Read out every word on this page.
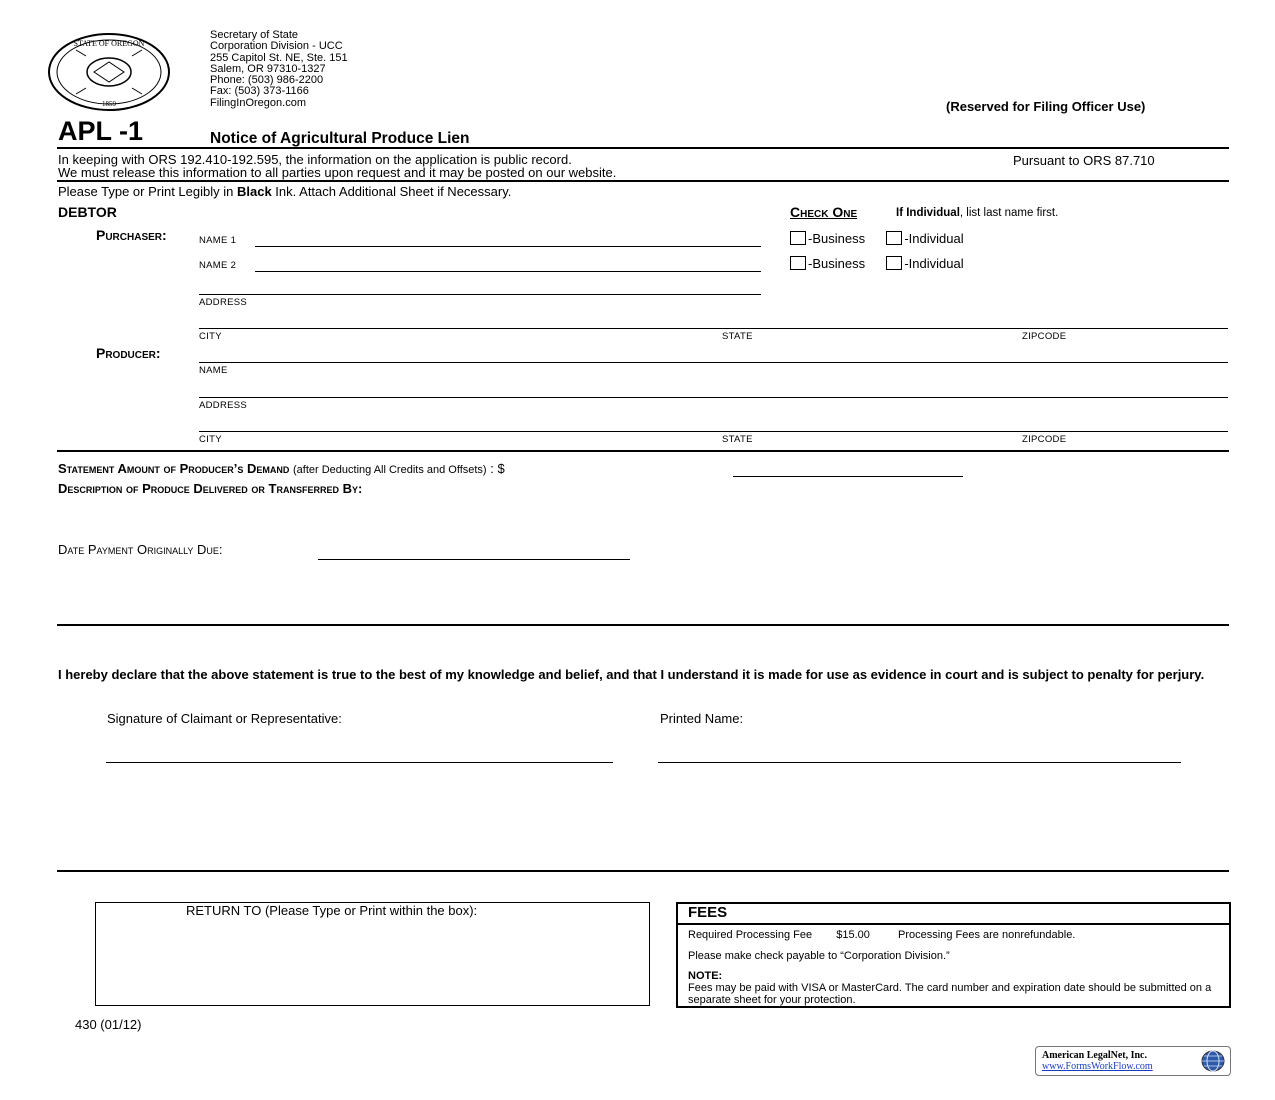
STATE OF OREGON
1859
Secretary of State
Corporation Division - UCC
255 Capitol St. NE, Ste. 151
Salem, OR 97310-1327
Phone: (503) 986-2200
Fax: (503) 373-1166
FilingInOregon.com	(Reserved for Filing Officer Use)
APL -1	Notice of Agricultural Produce Lien
In keeping with ORS 192.410-192.595, the information on the application is public record.
We must release this information to all parties upon request and it may be posted on our website.
Pursuant to ORS 87.710
Please Type or Print Legibly in Black Ink. Attach Additional Sheet if Necessary.
DEBTOR	Check One	If Individual, list last name first.
Purchaser:	NAME 1
NAME 2
-Business	-Individual
-Business	-Individual
ADDRESS
CITY	STATE	ZIPCODE
Producer:
NAME
ADDRESS
CITY	STATE	ZIPCODE
Statement Amount of Producer’s Demand (after Deducting All Credits and Offsets) : $
Description of Produce Delivered or Transferred By:
Date Payment Originally Due:
I hereby declare that the above statement is true to the best of my knowledge and belief, and that I understand it is made for use as evidence in court and is subject to penalty for perjury.
Signature of Claimant or Representative:	Printed Name:
RETURN TO (Please Type or Print within the box):	FEES
Required Processing Fee $15.00	Processing Fees are nonrefundable.
Please make check payable to “Corporation Division.”
NOTE:
Fees may be paid with VISA or MasterCard. The card number and expiration date should be submitted on a separate sheet for your protection.
430 (01/12)
American LegalNet, Inc.
www.FormsWorkFlow.com
